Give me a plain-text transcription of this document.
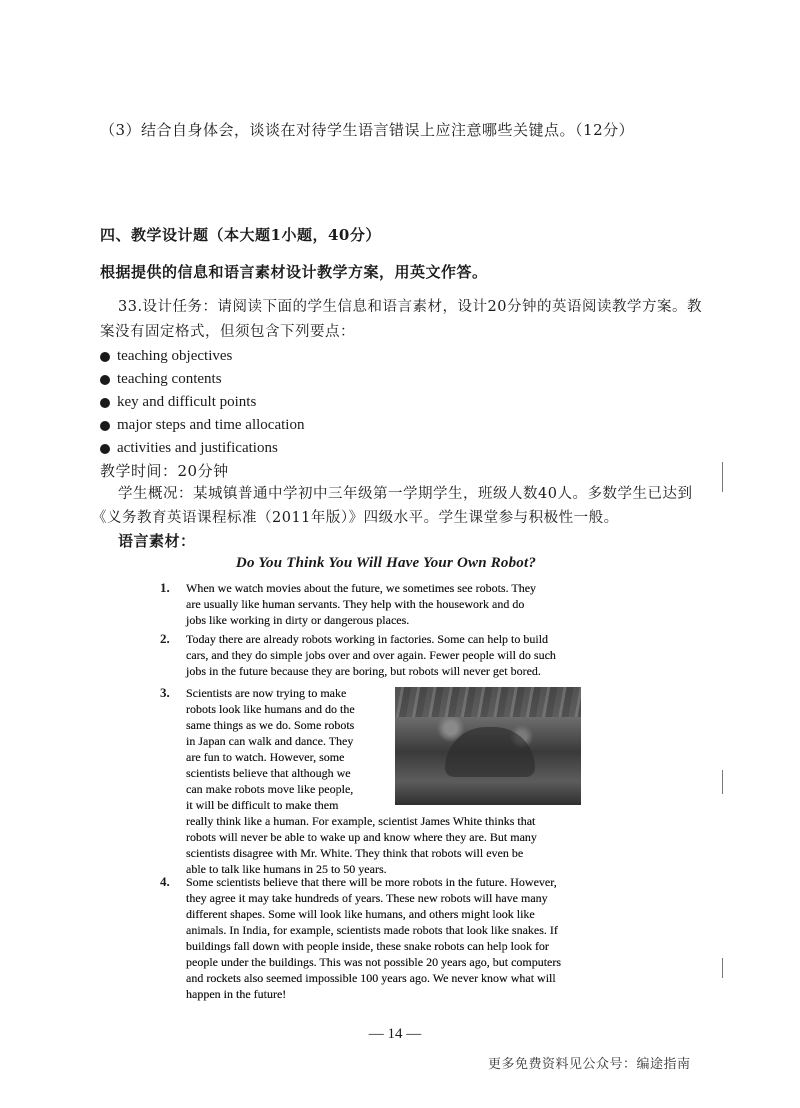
（3）结合自身体会，谈谈在对待学生语言错误上应注意哪些关键点。（12分）
四、教学设计题（本大题1小题，40分）
根据提供的信息和语言素材设计教学方案，用英文作答。
33.设计任务：请阅读下面的学生信息和语言素材，设计20分钟的英语阅读教学方案。教
案没有固定格式，但须包含下列要点：
teaching objectives
teaching contents
key and difficult points
major steps and time allocation
activities and justifications
教学时间：20分钟
学生概况：某城镇普通中学初中三年级第一学期学生，班级人数40人。多数学生已达到
《义务教育英语课程标准（2011年版）》四级水平。学生课堂参与积极性一般。
语言素材：
Do You Think You Will Have Your Own Robot?
1. When we watch movies about the future, we sometimes see robots. They
are usually like human servants. They help with the housework and do
jobs like working in dirty or dangerous places.
2. Today there are already robots working in factories. Some can help to build
cars, and they do simple jobs over and over again. Fewer people will do such
jobs in the future because they are boring, but robots will never get bored.
3. Scientists are now trying to make
robots look like humans and do the
same things as we do. Some robots
in Japan can walk and dance. They
are fun to watch. However, some
scientists believe that although we
can make robots move like people,
it will be difficult to make them
really think like a human. For example, scientist James White thinks that
robots will never be able to wake up and know where they are. But many
scientists disagree with Mr. White. They think that robots will even be
able to talk like humans in 25 to 50 years.
4. Some scientists believe that there will be more robots in the future. However,
they agree it may take hundreds of years. These new robots will have many
different shapes. Some will look like humans, and others might look like
animals. In India, for example, scientists made robots that look like snakes. If
buildings fall down with people inside, these snake robots can help look for
people under the buildings. This was not possible 20 years ago, but computers
and rockets also seemed impossible 100 years ago. We never know what will
happen in the future!
— 14 —
更多免费资料见公众号：编途指南
